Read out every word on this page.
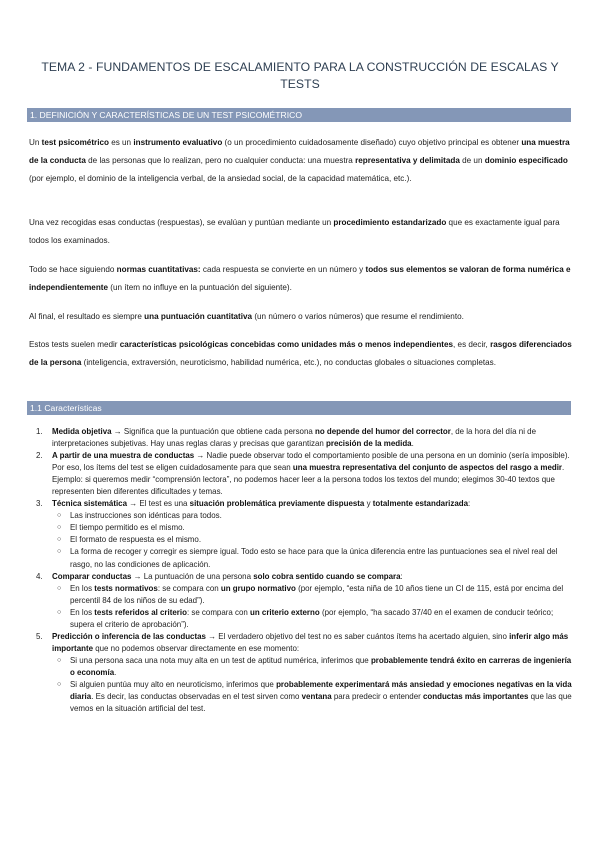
TEMA 2 - FUNDAMENTOS DE ESCALAMIENTO PARA LA CONSTRUCCIÓN DE ESCALAS Y TESTS
1. DEFINICIÓN Y CARACTERÍSTICAS DE UN TEST PSICOMÉTRICO
Un test psicométrico es un instrumento evaluativo (o un procedimiento cuidadosamente diseñado) cuyo objetivo principal es obtener una muestra de la conducta de las personas que lo realizan, pero no cualquier conducta: una muestra representativa y delimitada de un dominio especificado (por ejemplo, el dominio de la inteligencia verbal, de la ansiedad social, de la capacidad matemática, etc.).
Una vez recogidas esas conductas (respuestas), se evalúan y puntúan mediante un procedimiento estandarizado que es exactamente igual para todos los examinados.
Todo se hace siguiendo normas cuantitativas: cada respuesta se convierte en un número y todos sus elementos se valoran de forma numérica e independientemente (un ítem no influye en la puntuación del siguiente).
Al final, el resultado es siempre una puntuación cuantitativa (un número o varios números) que resume el rendimiento.
Estos tests suelen medir características psicológicas concebidas como unidades más o menos independientes, es decir, rasgos diferenciados de la persona (inteligencia, extraversión, neuroticismo, habilidad numérica, etc.), no conductas globales o situaciones completas.
1.1 Características
1. Medida objetiva → Significa que la puntuación que obtiene cada persona no depende del humor del corrector, de la hora del día ni de interpretaciones subjetivas. Hay unas reglas claras y precisas que garantizan precisión de la medida.
2. A partir de una muestra de conductas → Nadie puede observar todo el comportamiento posible de una persona en un dominio (sería imposible). Por eso, los ítems del test se eligen cuidadosamente para que sean una muestra representativa del conjunto de aspectos del rasgo a medir. Ejemplo: si queremos medir “comprensión lectora”, no podemos hacer leer a la persona todos los textos del mundo; elegimos 30-40 textos que representen bien diferentes dificultades y temas.
3. Técnica sistemática → El test es una situación problemática previamente dispuesta y totalmente estandarizada:
○ Las instrucciones son idénticas para todos.
○ El tiempo permitido es el mismo.
○ El formato de respuesta es el mismo.
○ La forma de recoger y corregir es siempre igual. Todo esto se hace para que la única diferencia entre las puntuaciones sea el nivel real del rasgo, no las condiciones de aplicación.
4. Comparar conductas → La puntuación de una persona solo cobra sentido cuando se compara:
○ En los tests normativos: se compara con un grupo normativo (por ejemplo, “esta niña de 10 años tiene un CI de 115, está por encima del percentil 84 de los niños de su edad”).
○ En los tests referidos al criterio: se compara con un criterio externo (por ejemplo, “ha sacado 37/40 en el examen de conducir teórico; supera el criterio de aprobación”).
5. Predicción o inferencia de las conductas → El verdadero objetivo del test no es saber cuántos ítems ha acertado alguien, sino inferir algo más importante que no podemos observar directamente en ese momento:
○ Si una persona saca una nota muy alta en un test de aptitud numérica, inferimos que probablemente tendrá éxito en carreras de ingeniería o economía.
○ Si alguien puntúa muy alto en neuroticismo, inferimos que probablemente experimentará más ansiedad y emociones negativas en la vida diaria. Es decir, las conductas observadas en el test sirven como ventana para predecir o entender conductas más importantes que las que vemos en la situación artificial del test.
